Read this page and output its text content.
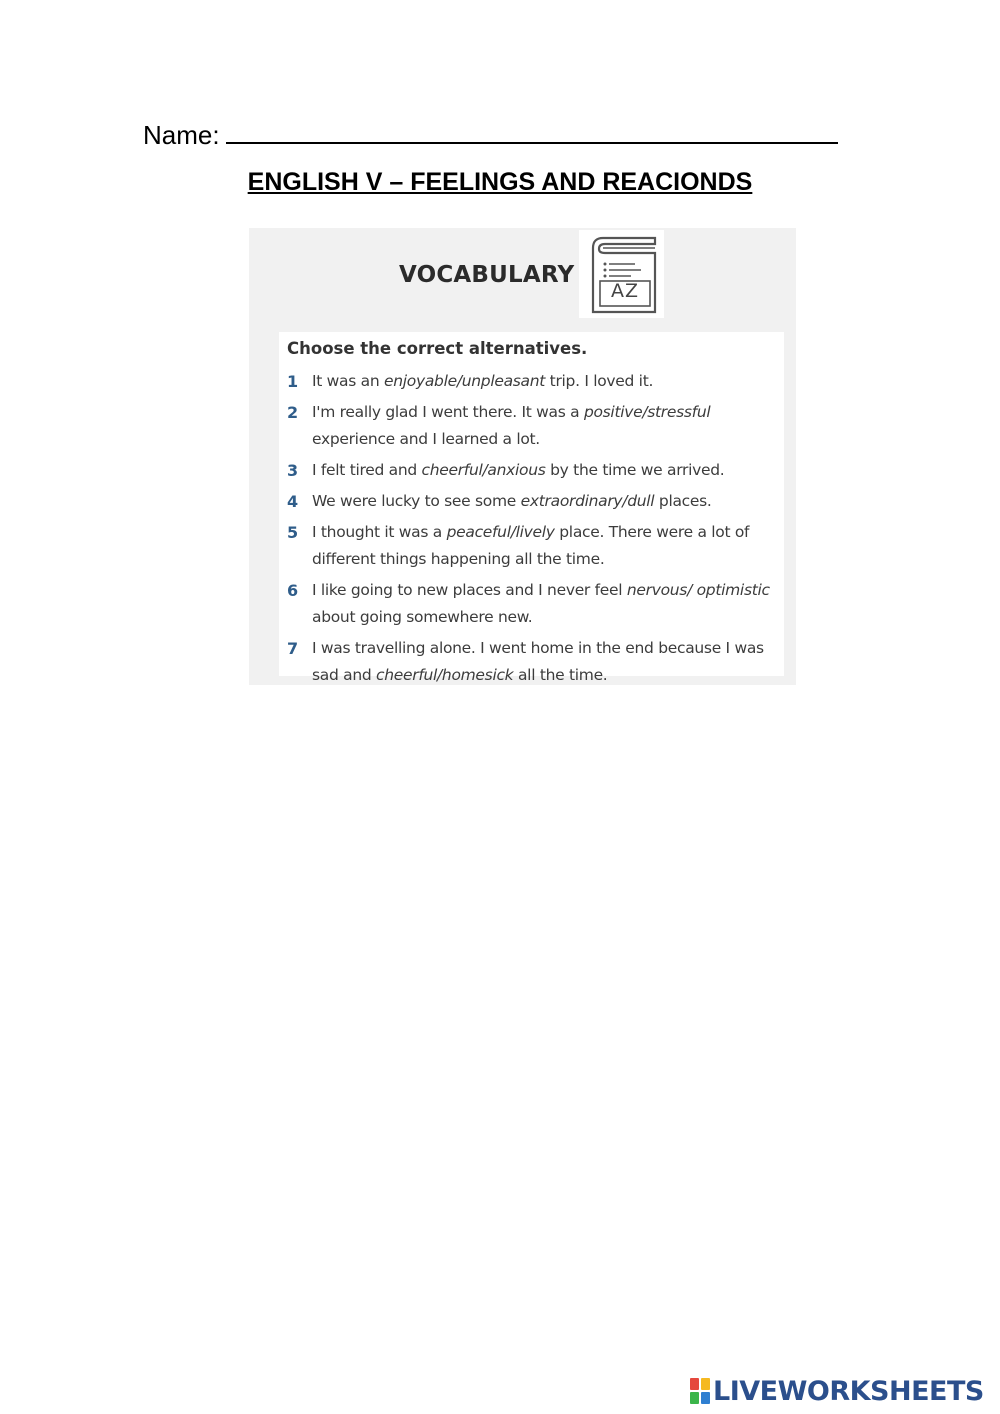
Name:
ENGLISH V – FEELINGS AND REACIONDS
VOCABULARY
AZ
Choose the correct alternatives.
1 It was an enjoyable/unpleasant trip. I loved it.
2 I'm really glad I went there. It was a positive/stressful experience and I learned a lot.
3 I felt tired and cheerful/anxious by the time we arrived.
4 We were lucky to see some extraordinary/dull places.
5 I thought it was a peaceful/lively place. There were a lot of different things happening all the time.
6 I like going to new places and I never feel nervous/ optimistic about going somewhere new.
7 I was travelling alone. I went home in the end because I was sad and cheerful/homesick all the time.
LIVEWORKSHEETS
